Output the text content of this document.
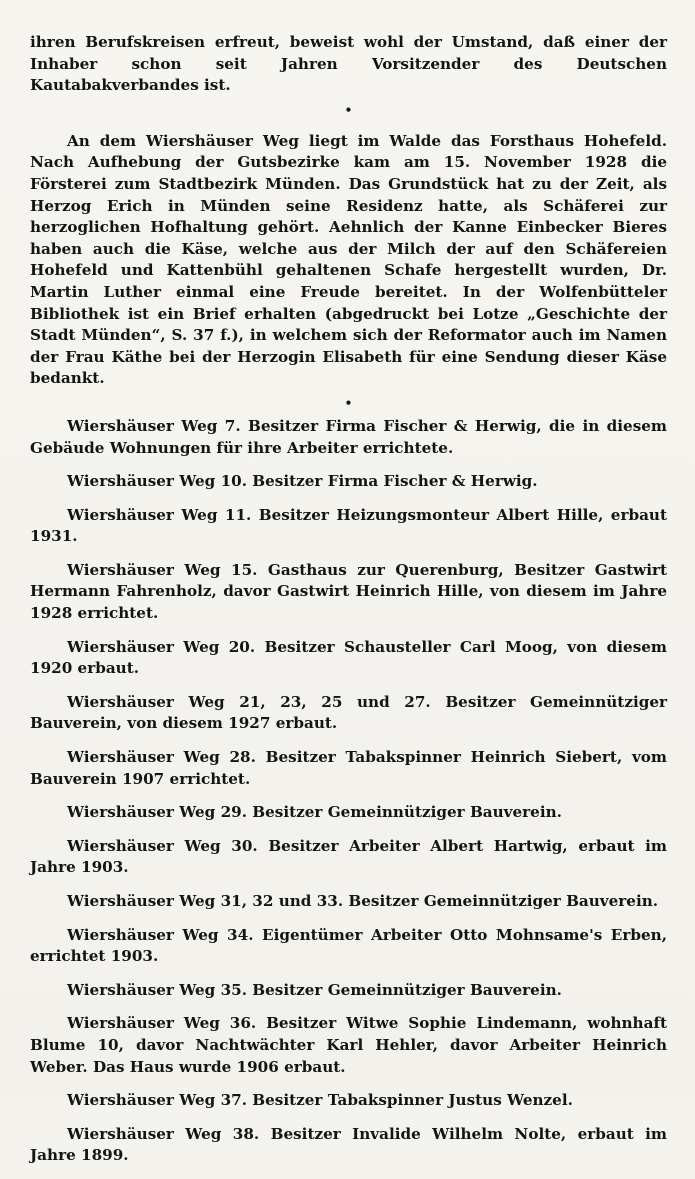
ihren Berufskreisen erfreut, beweist wohl der Umstand, daß einer der Inhaber schon seit Jahren Vorsitzender des Deutschen Kautabakverbandes ist.

•

An dem Wiershäuser Weg liegt im Walde das Forsthaus Hohefeld. Nach Aufhebung der Gutsbezirke kam am 15. November 1928 die Försterei zum Stadtbezirk Münden. Das Grundstück hat zu der Zeit, als Herzog Erich in Münden seine Residenz hatte, als Schäferei zur herzoglichen Hofhaltung gehört. Aehnlich der Kanne Einbecker Bieres haben auch die Käse, welche aus der Milch der auf den Schäfereien Hohefeld und Kattenbühl gehaltenen Schafe hergestellt wurden, Dr. Martin Luther einmal eine Freude bereitet. In der Wolfenbütteler Bibliothek ist ein Brief erhalten (abgedruckt bei Lotze „Geschichte der Stadt Münden“, S. 37 f.), in welchem sich der Reformator auch im Namen der Frau Käthe bei der Herzogin Elisabeth für eine Sendung dieser Käse bedankt.

•

Wiershäuser Weg 7. Besitzer Firma Fischer & Herwig, die in diesem Gebäude Wohnungen für ihre Arbeiter errichtete.

Wiershäuser Weg 10. Besitzer Firma Fischer & Herwig.

Wiershäuser Weg 11. Besitzer Heizungsmonteur Albert Hille, erbaut 1931.

Wiershäuser Weg 15. Gasthaus zur Querenburg, Besitzer Gastwirt Hermann Fahrenholz, davor Gastwirt Heinrich Hille, von diesem im Jahre 1928 errichtet.

Wiershäuser Weg 20. Besitzer Schausteller Carl Moog, von diesem 1920 erbaut.

Wiershäuser Weg 21, 23, 25 und 27. Besitzer Gemeinnütziger Bauverein, von diesem 1927 erbaut.

Wiershäuser Weg 28. Besitzer Tabakspinner Heinrich Siebert, vom Bauverein 1907 errichtet.

Wiershäuser Weg 29. Besitzer Gemeinnütziger Bauverein.

Wiershäuser Weg 30. Besitzer Arbeiter Albert Hartwig, erbaut im Jahre 1903.

Wiershäuser Weg 31, 32 und 33. Besitzer Gemeinnütziger Bauverein.

Wiershäuser Weg 34. Eigentümer Arbeiter Otto Mohnsame's Erben, errichtet 1903.

Wiershäuser Weg 35. Besitzer Gemeinnütziger Bauverein.

Wiershäuser Weg 36. Besitzer Witwe Sophie Lindemann, wohnhaft Blume 10, davor Nachtwächter Karl Hehler, davor Arbeiter Heinrich Weber. Das Haus wurde 1906 erbaut.

Wiershäuser Weg 37. Besitzer Tabakspinner Justus Wenzel.

Wiershäuser Weg 38. Besitzer Invalide Wilhelm Nolte, erbaut im Jahre 1899.
